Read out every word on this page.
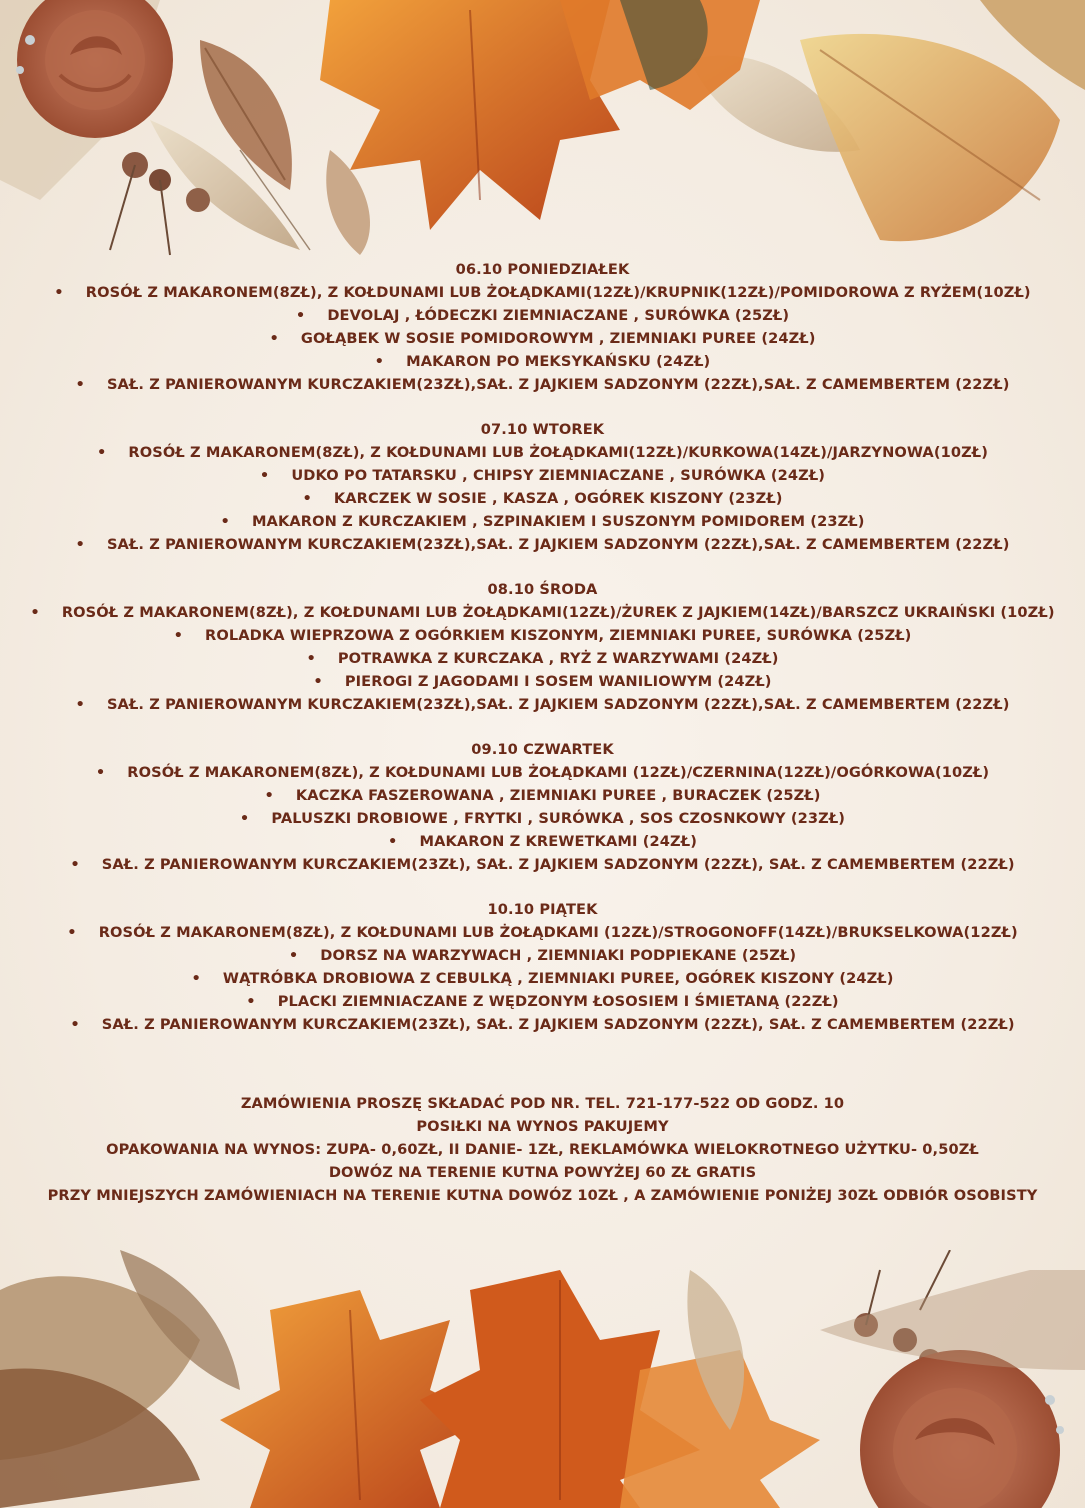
06.10 PONIEDZIAŁEK
• ROSÓŁ Z MAKARONEM(8ZŁ), Z KOŁDUNAMI LUB ŻOŁĄDKAMI(12ZŁ)/KRUPNIK(12ZŁ)/POMIDOROWA Z RYŻEM(10ZŁ)
• DEVOLAJ , ŁÓDECZKI ZIEMNIACZANE , SURÓWKA (25ZŁ)
• GOŁĄBEK W SOSIE POMIDOROWYM , ZIEMNIAKI PUREE (24ZŁ)
• MAKARON PO MEKSYKAŃSKU (24ZŁ)
• SAŁ. Z PANIEROWANYM KURCZAKIEM(23ZŁ),SAŁ. Z JAJKIEM SADZONYM (22ZŁ),SAŁ. Z CAMEMBERTEM (22ZŁ)
07.10 WTOREK
• ROSÓŁ Z MAKARONEM(8ZŁ), Z KOŁDUNAMI LUB ŻOŁĄDKAMI(12ZŁ)/KURKOWA(14ZŁ)/JARZYNOWA(10ZŁ)
• UDKO PO TATARSKU , CHIPSY ZIEMNIACZANE , SURÓWKA (24ZŁ)
• KARCZEK W SOSIE , KASZA , OGÓREK KISZONY (23ZŁ)
• MAKARON Z KURCZAKIEM , SZPINAKIEM I SUSZONYM POMIDOREM (23ZŁ)
• SAŁ. Z PANIEROWANYM KURCZAKIEM(23ZŁ),SAŁ. Z JAJKIEM SADZONYM (22ZŁ),SAŁ. Z CAMEMBERTEM (22ZŁ)
08.10 ŚRODA
• ROSÓŁ Z MAKARONEM(8ZŁ), Z KOŁDUNAMI LUB ŻOŁĄDKAMI(12ZŁ)/ŻUREK Z JAJKIEM(14ZŁ)/BARSZCZ UKRAIŃSKI (10ZŁ)
• ROLADKA WIEPRZOWA Z OGÓRKIEM KISZONYM, ZIEMNIAKI PUREE, SURÓWKA (25ZŁ)
• POTRAWKA Z KURCZAKA , RYŻ Z WARZYWAMI (24ZŁ)
• PIEROGI Z JAGODAMI I SOSEM WANILIOWYM (24ZŁ)
• SAŁ. Z PANIEROWANYM KURCZAKIEM(23ZŁ),SAŁ. Z JAJKIEM SADZONYM (22ZŁ),SAŁ. Z CAMEMBERTEM (22ZŁ)
09.10 CZWARTEK
• ROSÓŁ Z MAKARONEM(8ZŁ), Z KOŁDUNAMI LUB ŻOŁĄDKAMI (12ZŁ)/CZERNINA(12ZŁ)/OGÓRKOWA(10ZŁ)
• KACZKA FASZEROWANA , ZIEMNIAKI PUREE , BURACZEK (25ZŁ)
• PALUSZKI DROBIOWE , FRYTKI , SURÓWKA , SOS CZOSNKOWY (23ZŁ)
• MAKARON Z KREWETKAMI (24ZŁ)
• SAŁ. Z PANIEROWANYM KURCZAKIEM(23ZŁ), SAŁ. Z JAJKIEM SADZONYM (22ZŁ), SAŁ. Z CAMEMBERTEM (22ZŁ)
10.10 PIĄTEK
• ROSÓŁ Z MAKARONEM(8ZŁ), Z KOŁDUNAMI LUB ŻOŁĄDKAMI (12ZŁ)/STROGONOFF(14ZŁ)/BRUKSELKOWA(12ZŁ)
• DORSZ NA WARZYWACH , ZIEMNIAKI PODPIEKANE (25ZŁ)
• WĄTRÓBKA DROBIOWA Z CEBULKĄ , ZIEMNIAKI PUREE, OGÓREK KISZONY (24ZŁ)
• PLACKI ZIEMNIACZANE Z WĘDZONYM ŁOSOSIEM I ŚMIETANĄ (22ZŁ)
• SAŁ. Z PANIEROWANYM KURCZAKIEM(23ZŁ), SAŁ. Z JAJKIEM SADZONYM (22ZŁ), SAŁ. Z CAMEMBERTEM (22ZŁ)
ZAMÓWIENIA PROSZĘ SKŁADAĆ POD NR. TEL. 721-177-522 OD GODZ. 10
POSIŁKI NA WYNOS PAKUJEMY
OPAKOWANIA NA WYNOS: ZUPA- 0,60ZŁ, II DANIE- 1ZŁ, REKLAMÓWKA WIELOKROTNEGO UŻYTKU- 0,50ZŁ
DOWÓZ NA TERENIE KUTNA POWYŻEJ 60 ZŁ GRATIS
PRZY MNIEJSZYCH ZAMÓWIENIACH NA TERENIE KUTNA DOWÓZ 10ZŁ , A ZAMÓWIENIE PONIŻEJ 30ZŁ ODBIÓR OSOBISTY
